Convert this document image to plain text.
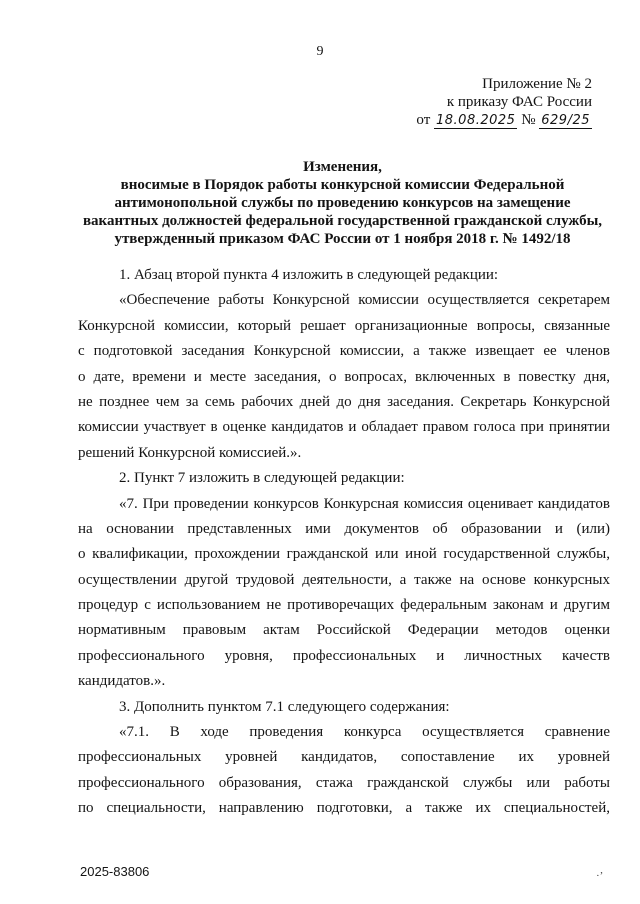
9
Приложение № 2
к приказу ФАС России
от 18.08.2025 № 629/25
Изменения,
вносимые в Порядок работы конкурсной комиссии Федеральной
антимонопольной службы по проведению конкурсов на замещение
вакантных должностей федеральной государственной гражданской службы,
утвержденный приказом ФАС России от 1 ноября 2018 г. № 1492/18
1. Абзац второй пункта 4 изложить в следующей редакции:
«Обеспечение работы Конкурсной комиссии осуществляется секретарем
Конкурсной комиссии, который решает организационные вопросы, связанные
с подготовкой заседания Конкурсной комиссии, а также извещает ее членов
о дате, времени и месте заседания, о вопросах, включенных в повестку дня,
не позднее чем за семь рабочих дней до дня заседания. Секретарь Конкурсной
комиссии участвует в оценке кандидатов и обладает правом голоса при принятии
решений Конкурсной комиссией.».
2. Пункт 7 изложить в следующей редакции:
«7. При проведении конкурсов Конкурсная комиссия оценивает кандидатов
на основании представленных ими документов об образовании и (или)
о квалификации, прохождении гражданской или иной государственной службы,
осуществлении другой трудовой деятельности, а также на основе конкурсных
процедур с использованием не противоречащих федеральным законам и другим
нормативным правовым актам Российской Федерации методов оценки
профессионального уровня, профессиональных и личностных качеств
кандидатов.».
3. Дополнить пунктом 7.1 следующего содержания:
«7.1. В ходе проведения конкурса осуществляется сравнение
профессиональных уровней кандидатов, сопоставление их уровней
профессионального образования, стажа гражданской службы или работы
по специальности, направлению подготовки, а также их специальностей,
2025-83806	·’
